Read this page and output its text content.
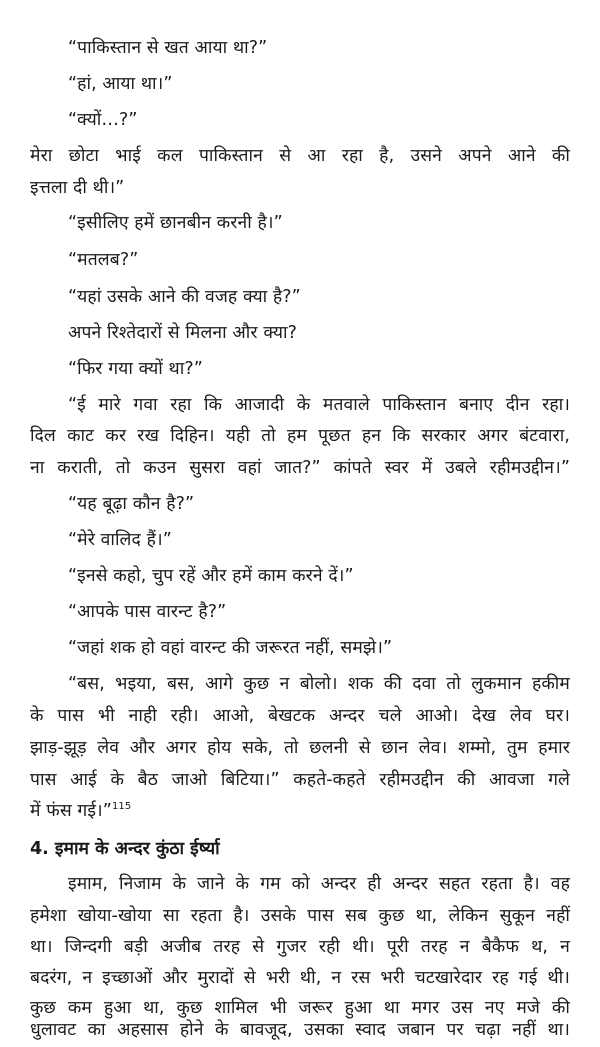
“पाकिस्तान से खत आया था?”
“हां, आया था।”
“क्यों…?”
मेरा छोटा भाई कल पाकिस्तान से आ रहा है, उसने अपने आने की
इत्तला दी थी।”
“इसीलिए हमें छानबीन करनी है।”
“मतलब?”
“यहां उसके आने की वजह क्या है?”
अपने रिश्तेदारों से मिलना और क्या?
“फिर गया क्यों था?”
“ई मारे गवा रहा कि आजादी के मतवाले पाकिस्तान बनाए दीन रहा।
दिल काट कर रख दिहिन। यही तो हम पूछत हन कि सरकार अगर बंटवारा,
ना कराती, तो कउन सुसरा वहां जात?” कांपते स्वर में उबले रहीमउद्दीन।”
“यह बूढ़ा कौन है?”
“मेरे वालिद हैं।”
“इनसे कहो, चुप रहें और हमें काम करने दें।”
“आपके पास वारन्ट है?”
“जहां शक हो वहां वारन्ट की जरूरत नहीं, समझे।”
“बस, भइया, बस, आगे कुछ न बोलो। शक की दवा तो लुकमान हकीम
के पास भी नाही रही। आओ, बेखटक अन्दर चले आओ। देख लेव घर।
झाड़-झूड़ लेव और अगर होय सके, तो छलनी से छान लेव। शम्मो, तुम हमार
पास आई के बैठ जाओ बिटिया।” कहते-कहते रहीमउद्दीन की आवजा गले
में फंस गई।”$^{115}$
4. इमाम के अन्दर कुंठा ईर्ष्या
इमाम, निजाम के जाने के गम को अन्दर ही अन्दर सहत रहता है। वह
हमेशा खोया-खोया सा रहता है। उसके पास सब कुछ था, लेकिन सुकून नहीं
था। जिन्दगी बड़ी अजीब तरह से गुजर रही थी। पूरी तरह न बैकैफ थ, न
बदरंग, न इच्छाओं और मुरादों से भरी थी, न रस भरी चटखारेदार रह गई थी।
कुछ कम हुआ था, कुछ शामिल भी जरूर हुआ था मगर उस नए मजे की
धुलावट का अहसास होने के बावजूद, उसका स्वाद जबान पर चढ़ा नहीं था।
